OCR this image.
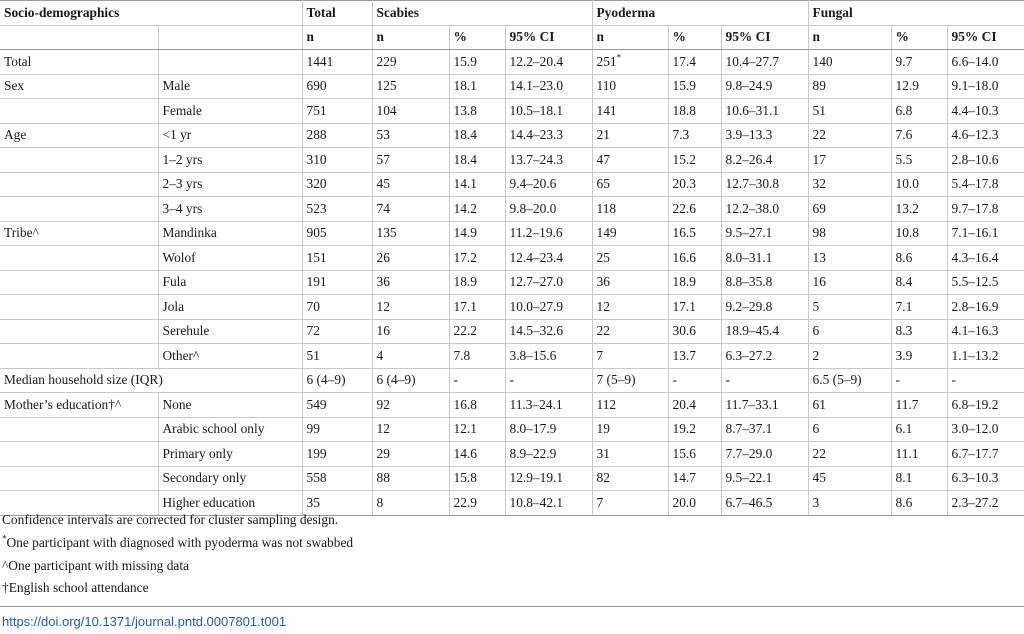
Socio-demographics		Total	Scabies			Pyoderma			Fungal		
		n	n	%	95% CI	n	%	95% CI	n	%	95% CI
Total		1441	229	15.9	12.2–20.4	251*	17.4	10.4–27.7	140	9.7	6.6–14.0
Sex	Male	690	125	18.1	14.1–23.0	110	15.9	9.8–24.9	89	12.9	9.1–18.0
	Female	751	104	13.8	10.5–18.1	141	18.8	10.6–31.1	51	6.8	4.4–10.3
Age	<1 yr	288	53	18.4	14.4–23.3	21	7.3	3.9–13.3	22	7.6	4.6–12.3
	1–2 yrs	310	57	18.4	13.7–24.3	47	15.2	8.2–26.4	17	5.5	2.8–10.6
	2–3 yrs	320	45	14.1	9.4–20.6	65	20.3	12.7–30.8	32	10.0	5.4–17.8
	3–4 yrs	523	74	14.2	9.8–20.0	118	22.6	12.2–38.0	69	13.2	9.7–17.8
Tribe^	Mandinka	905	135	14.9	11.2–19.6	149	16.5	9.5–27.1	98	10.8	7.1–16.1
	Wolof	151	26	17.2	12.4–23.4	25	16.6	8.0–31.1	13	8.6	4.3–16.4
	Fula	191	36	18.9	12.7–27.0	36	18.9	8.8–35.8	16	8.4	5.5–12.5
	Jola	70	12	17.1	10.0–27.9	12	17.1	9.2–29.8	5	7.1	2.8–16.9
	Serehule	72	16	22.2	14.5–32.6	22	30.6	18.9–45.4	6	8.3	4.1–16.3
	Other^	51	4	7.8	3.8–15.6	7	13.7	6.3–27.2	2	3.9	1.1–13.2
Median household size (IQR)		6 (4–9)	6 (4–9)	-	-	7 (5–9)	-	-	6.5 (5–9)	-	-
Mother’s education†^	None	549	92	16.8	11.3–24.1	112	20.4	11.7–33.1	61	11.7	6.8–19.2
	Arabic school only	99	12	12.1	8.0–17.9	19	19.2	8.7–37.1	6	6.1	3.0–12.0
	Primary only	199	29	14.6	8.9–22.9	31	15.6	7.7–29.0	22	11.1	6.7–17.7
	Secondary only	558	88	15.8	12.9–19.1	82	14.7	9.5–22.1	45	8.1	6.3–10.3
	Higher education	35	8	22.9	10.8–42.1	7	20.0	6.7–46.5	3	8.6	2.3–27.2

Confidence intervals are corrected for cluster sampling design.

*One participant with diagnosed with pyoderma was not swabbed

^One participant with missing data

†English school attendance

https://doi.org/10.1371/journal.pntd.0007801.t001
